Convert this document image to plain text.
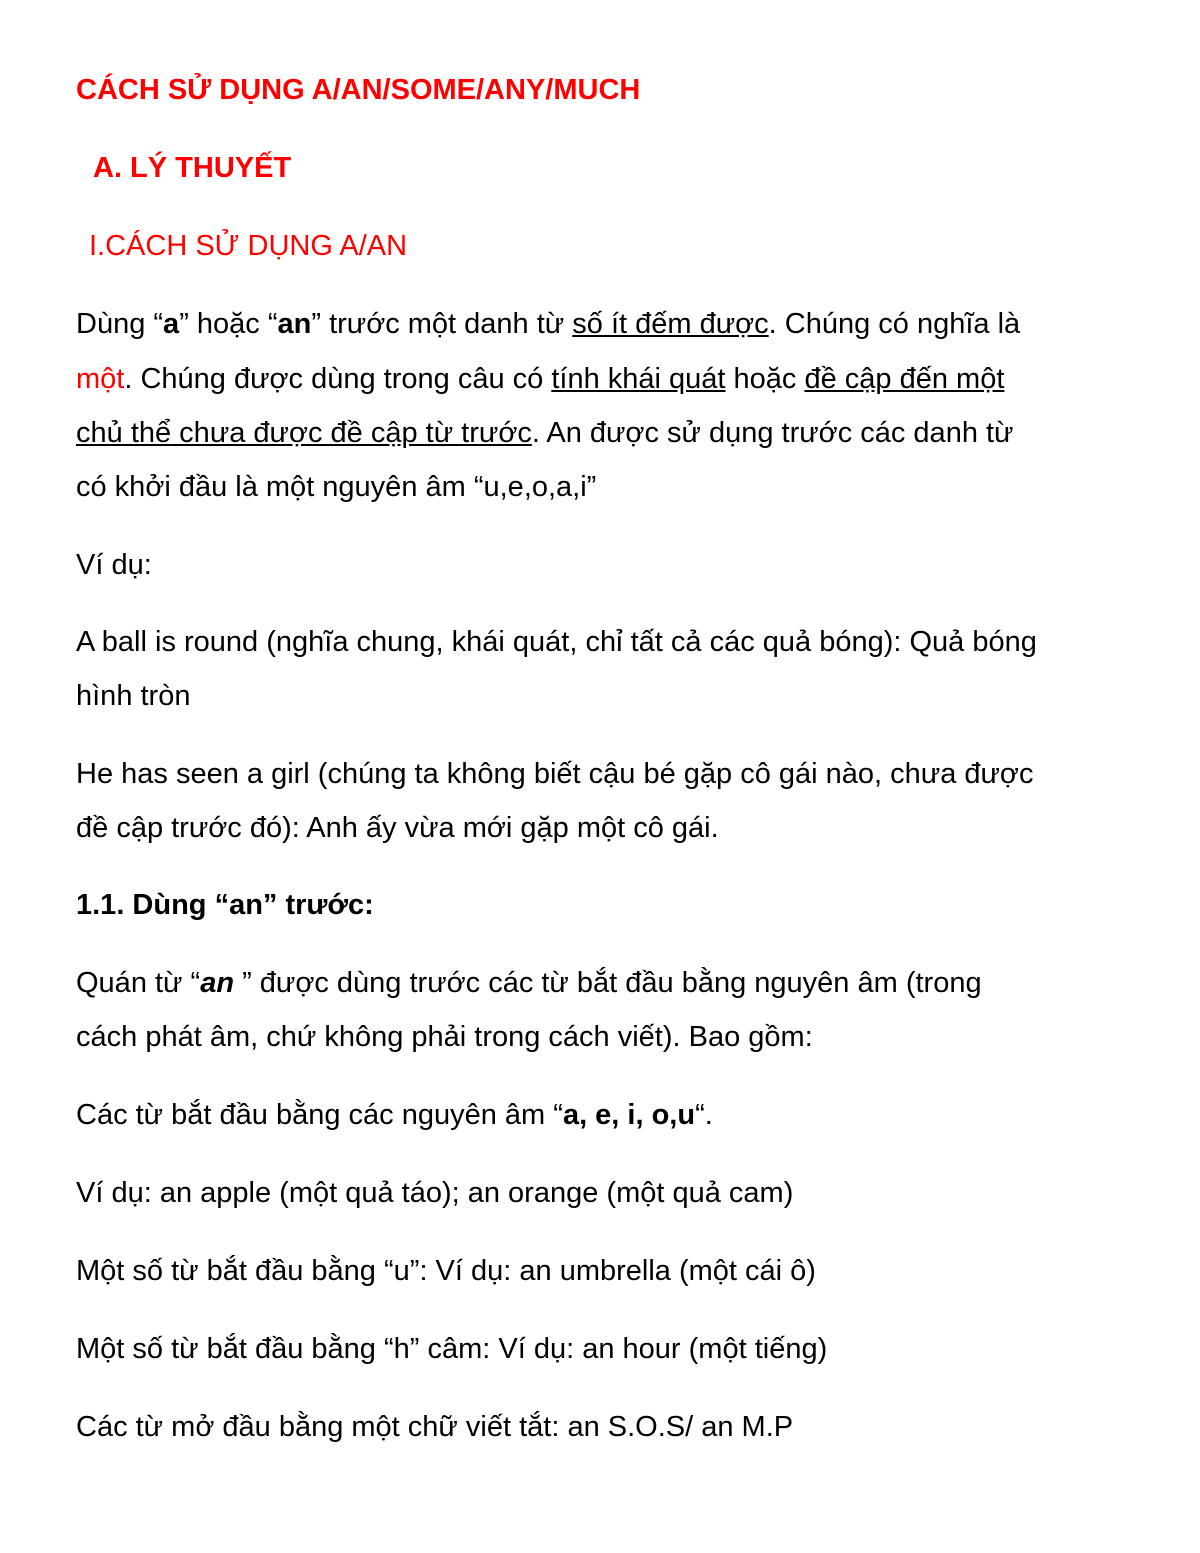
CÁCH SỬ DỤNG A/AN/SOME/ANY/MUCH
A. LÝ THUYẾT
I.CÁCH SỬ DỤNG A/AN
Dùng “a” hoặc “an” trước một danh từ số ít đếm được. Chúng có nghĩa là
một. Chúng được dùng trong câu có tính khái quát hoặc đề cập đến một
chủ thể chưa được đề cập từ trước. An được sử dụng trước các danh từ
có khởi đầu là một nguyên âm “u,e,o,a,i”
Ví dụ:
A ball is round (nghĩa chung, khái quát, chỉ tất cả các quả bóng): Quả bóng
hình tròn
He has seen a girl (chúng ta không biết cậu bé gặp cô gái nào, chưa được
đề cập trước đó): Anh ấy vừa mới gặp một cô gái.
1.1. Dùng “an” trước:
Quán từ “an ” được dùng trước các từ bắt đầu bằng nguyên âm (trong
cách phát âm, chứ không phải trong cách viết). Bao gồm:
Các từ bắt đầu bằng các nguyên âm “a, e, i, o,u“.
Ví dụ: an apple (một quả táo); an orange (một quả cam)
Một số từ bắt đầu bằng “u”: Ví dụ: an umbrella (một cái ô)
Một số từ bắt đầu bằng “h” câm: Ví dụ: an hour (một tiếng)
Các từ mở đầu bằng một chữ viết tắt: an S.O.S/ an M.P
